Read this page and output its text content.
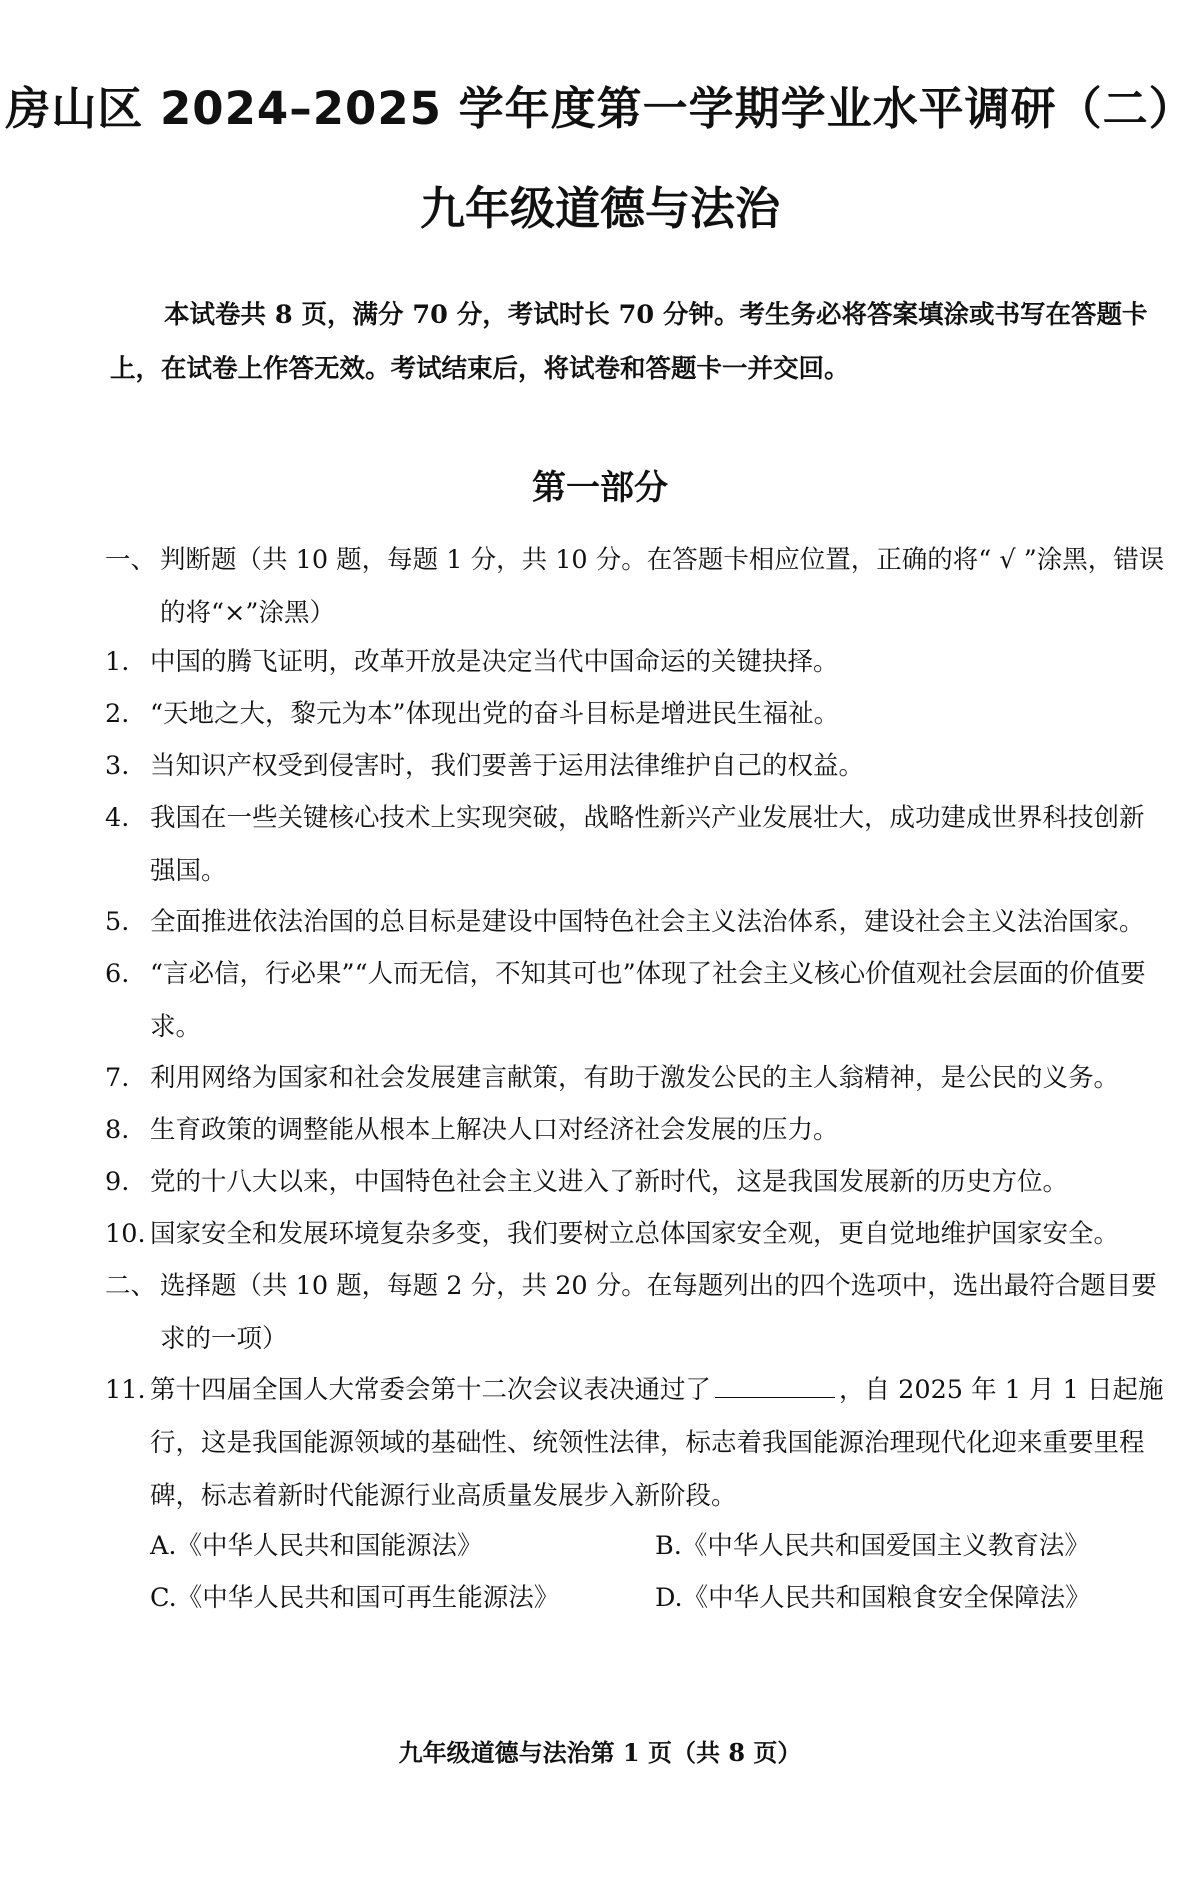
房山区 2024–2025 学年度第一学期学业水平调研（二）
九年级道德与法治
本试卷共 8 页，满分 70 分，考试时长 70 分钟。考生务必将答案填涂或书写在答题卡上，在试卷上作答无效。考试结束后，将试卷和答题卡一并交回。
第一部分
一、 判断题（共 10 题，每题 1 分，共 10 分。在答题卡相应位置，正确的将“ √ ”涂黑，错误的将“×”涂黑）
1. 中国的腾飞证明，改革开放是决定当代中国命运的关键抉择。
2. “天地之大，黎元为本”体现出党的奋斗目标是增进民生福祉。
3. 当知识产权受到侵害时，我们要善于运用法律维护自己的权益。
4. 我国在一些关键核心技术上实现突破，战略性新兴产业发展壮大，成功建成世界科技创新强国。
5. 全面推进依法治国的总目标是建设中国特色社会主义法治体系，建设社会主义法治国家。
6. “言必信，行必果”“人而无信，不知其可也”体现了社会主义核心价值观社会层面的价值要求。
7. 利用网络为国家和社会发展建言献策，有助于激发公民的主人翁精神，是公民的义务。
8. 生育政策的调整能从根本上解决人口对经济社会发展的压力。
9. 党的十八大以来，中国特色社会主义进入了新时代，这是我国发展新的历史方位。
10. 国家安全和发展环境复杂多变，我们要树立总体国家安全观，更自觉地维护国家安全。
二、 选择题（共 10 题，每题 2 分，共 20 分。在每题列出的四个选项中，选出最符合题目要求的一项）
11. 第十四届全国人大常委会第十二次会议表决通过了	，自 2025 年 1 月 1 日起施行，这是我国能源领域的基础性、统领性法律，标志着我国能源治理现代化迎来重要里程碑，标志着新时代能源行业高质量发展步入新阶段。
A.《中华人民共和国能源法》	B.《中华人民共和国爱国主义教育法》
C.《中华人民共和国可再生能源法》	D.《中华人民共和国粮食安全保障法》
九年级道德与法治第 1 页（共 8 页）
